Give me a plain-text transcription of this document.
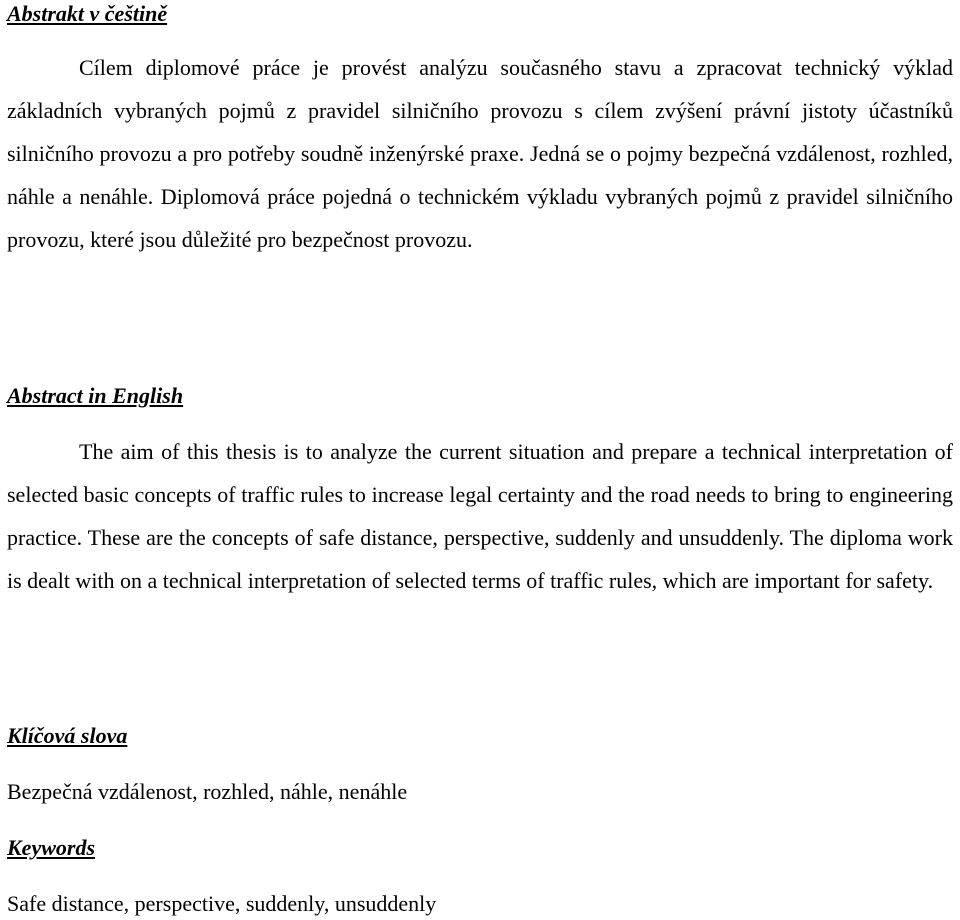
Abstrakt v češtině
Cílem diplomové práce je provést analýzu současného stavu a zpracovat technický výklad základních vybraných pojmů z pravidel silničního provozu s cílem zvýšení právní jistoty účastníků silničního provozu a pro potřeby soudně inženýrské praxe. Jedná se o pojmy bezpečná vzdálenost, rozhled, náhle a nenáhle. Diplomová práce pojedná o technickém výkladu vybraných pojmů z pravidel silničního provozu, které jsou důležité pro bezpečnost provozu.
Abstract in English
The aim of this thesis is to analyze the current situation and prepare a technical interpretation of selected basic concepts of traffic rules to increase legal certainty and the road needs to bring to engineering practice. These are the concepts of safe distance, perspective, suddenly and unsuddenly. The diploma work is dealt with on a technical interpretation of selected terms of traffic rules, which are important for safety.
Klíčová slova
Bezpečná vzdálenost, rozhled, náhle, nenáhle
Keywords
Safe distance, perspective, suddenly, unsuddenly
